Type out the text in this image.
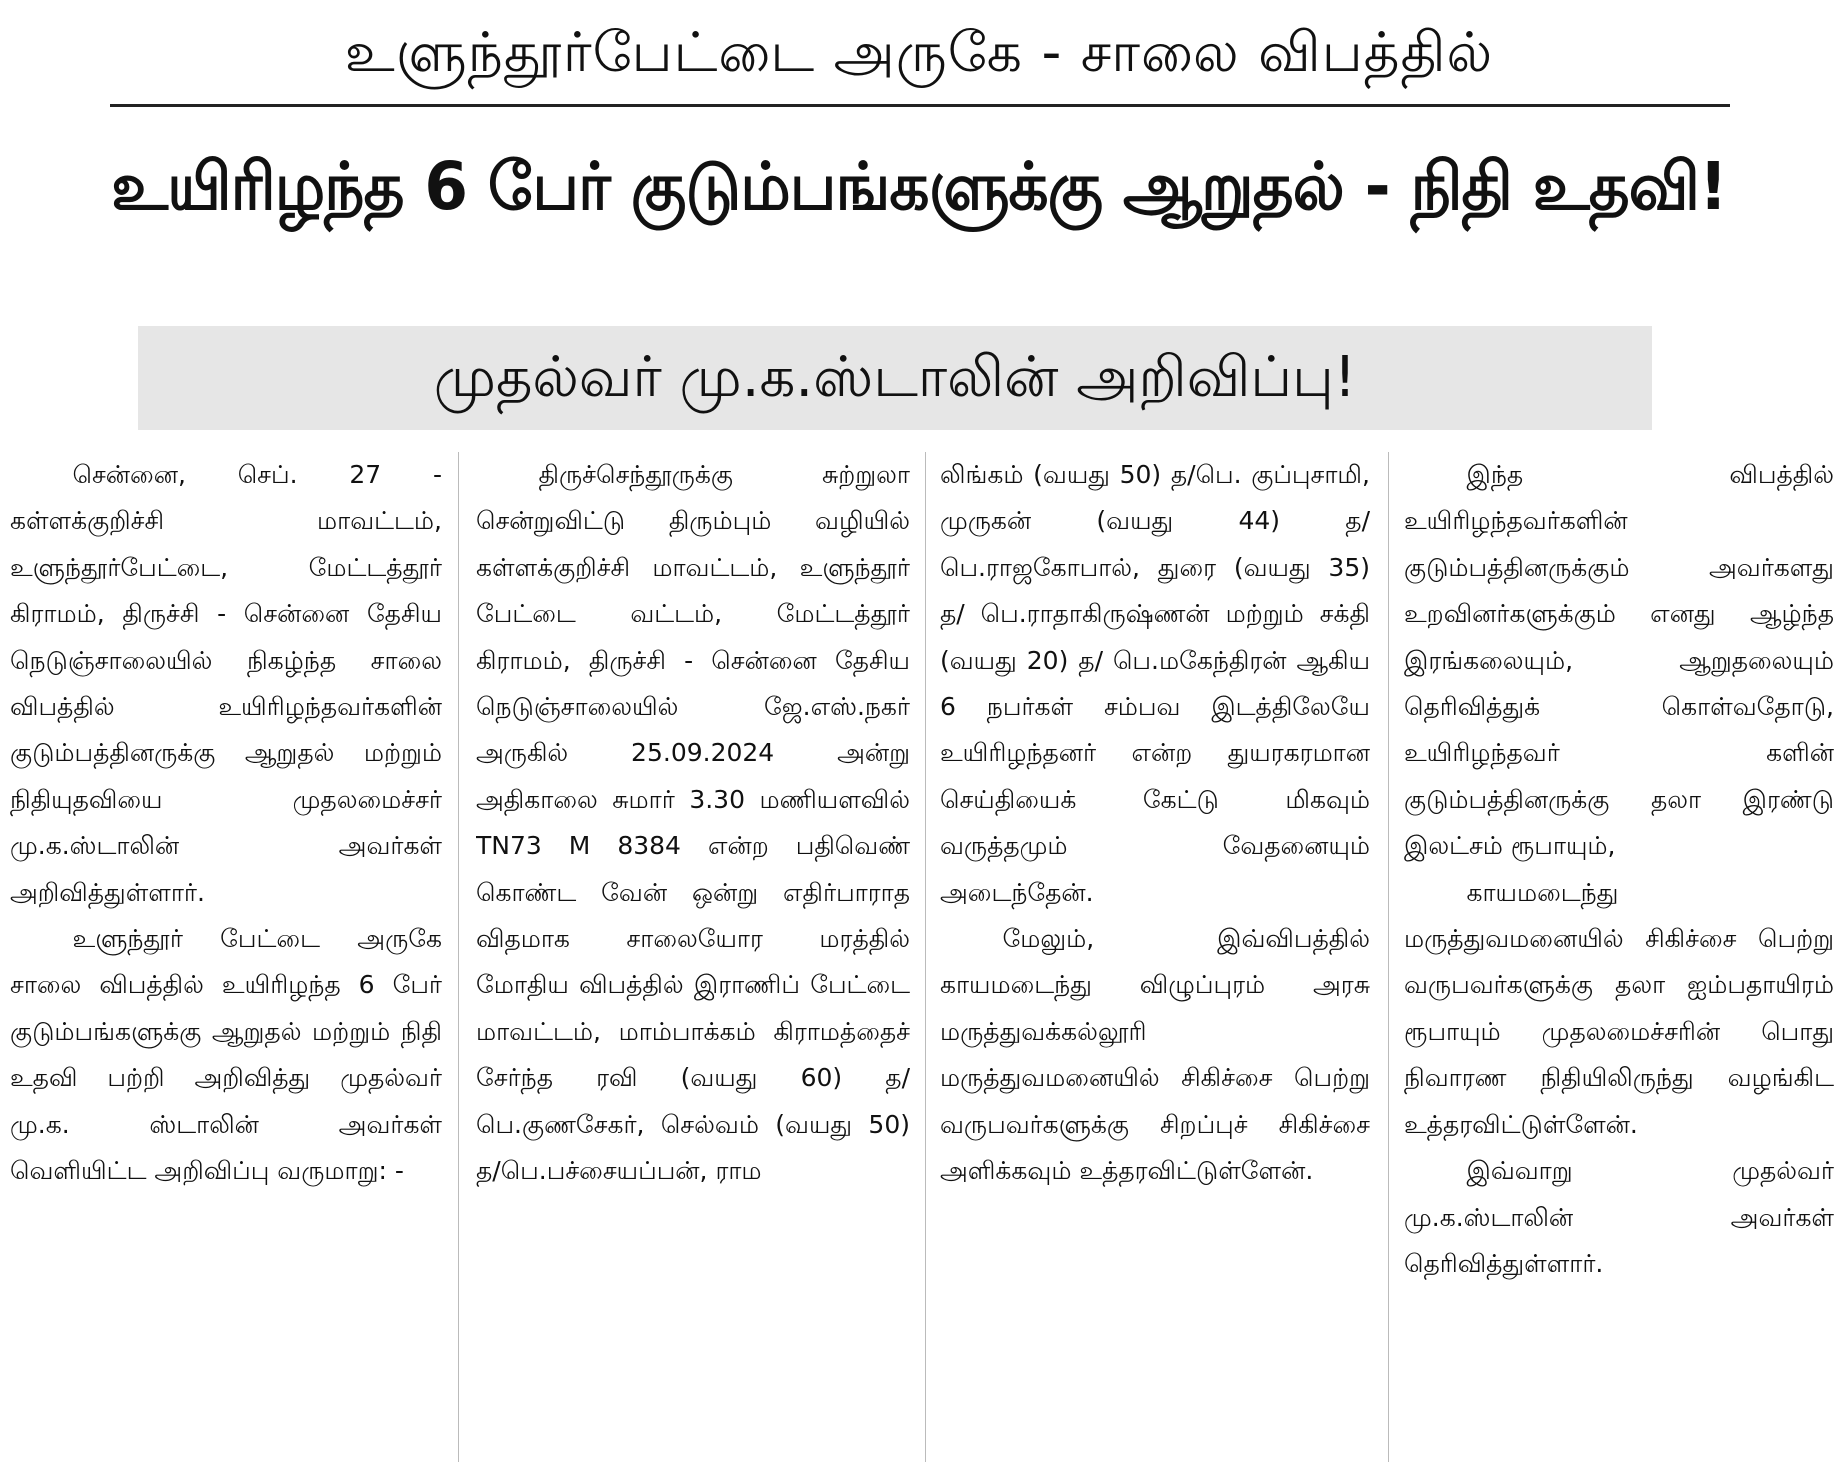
உளுந்தூர்பேட்டை அருகே - சாலை விபத்தில்
உயிரிழந்த 6 பேர் குடும்பங்களுக்கு ஆறுதல் - நிதி உதவி!
முதல்வர் மு.க.ஸ்டாலின் அறிவிப்பு!

சென்னை, செப். 27 - கள்ளக்குறிச்சி மாவட்டம், உளுந்தூர்பேட்டை, மேட்டத்தூர் கிராமம், திருச்சி - சென்னை தேசிய நெடுஞ்சாலையில் நிகழ்ந்த சாலை விபத்தில் உயிரிழந்தவர்களின் குடும்பத்தினருக்கு ஆறுதல் மற்றும் நிதியுதவியை முதலமைச்சர் மு.க.ஸ்டாலின் அவர்கள் அறிவித்துள்ளார்.

உளுந்தூர் பேட்டை அருகே சாலை விபத்தில் உயிரிழந்த 6 பேர் குடும்பங்களுக்கு ஆறுதல் மற்றும் நிதி உதவி பற்றி அறிவித்து முதல்வர் மு.க. ஸ்டாலின் அவர்கள் வெளியிட்ட அறிவிப்பு வருமாறு: -

திருச்செந்தூருக்கு சுற்றுலா சென்றுவிட்டு திரும்பும் வழியில் கள்ளக்குறிச்சி மாவட்டம், உளுந்தூர் பேட்டை வட்டம், மேட்டத்தூர் கிராமம், திருச்சி - சென்னை தேசிய நெடுஞ்சாலையில் ஜே.எஸ்.நகர் அருகில் 25.09.2024 அன்று அதிகாலை சுமார் 3.30 மணியளவில் TN73 M 8384 என்ற பதிவெண் கொண்ட வேன் ஒன்று எதிர்பாராத விதமாக சாலையோர மரத்தில் மோதிய விபத்தில் இராணிப் பேட்டை மாவட்டம், மாம்பாக்கம் கிராமத்தைச் சேர்ந்த ரவி (வயது 60) த/பெ.குணசேகர், செல்வம் (வயது 50) த/பெ.பச்சையப்பன், ராம

லிங்கம் (வயது 50) த/பெ. குப்புசாமி, முருகன் (வயது 44) த/பெ.ராஜகோபால், துரை (வயது 35) த/ பெ.ராதாகிருஷ்ணன் மற்றும் சக்தி (வயது 20) த/ பெ.மகேந்திரன் ஆகிய 6 நபர்கள் சம்பவ இடத்திலேயே உயிரிழந்தனர் என்ற துயரகரமான செய்தியைக் கேட்டு மிகவும் வருத்தமும் வேதனையும் அடைந்தேன்.

மேலும், இவ்விபத்தில் காயமடைந்து விழுப்புரம் அரசு மருத்துவக்கல்லூரி மருத்துவமனையில் சிகிச்சை பெற்று வருபவர்களுக்கு சிறப்புச் சிகிச்சை அளிக்கவும் உத்தரவிட்டுள்ளேன்.

இந்த விபத்தில் உயிரிழந்தவர்களின் குடும்பத்தினருக்கும் அவர்களது உறவினர்களுக்கும் எனது ஆழ்ந்த இரங்கலையும், ஆறுதலையும் தெரிவித்துக் கொள்வதோடு, உயிரிழந்தவர் களின் குடும்பத்தினருக்கு தலா இரண்டு இலட்சம் ரூபாயும்,

காயமடைந்து மருத்துவமனையில் சிகிச்சை பெற்று வருபவர்களுக்கு தலா ஐம்பதாயிரம் ரூபாயும் முதலமைச்சரின் பொது நிவாரண நிதியிலிருந்து வழங்கிட உத்தரவிட்டுள்ளேன்.

இவ்வாறு முதல்வர் மு.க.ஸ்டாலின் அவர்கள் தெரிவித்துள்ளார்.
